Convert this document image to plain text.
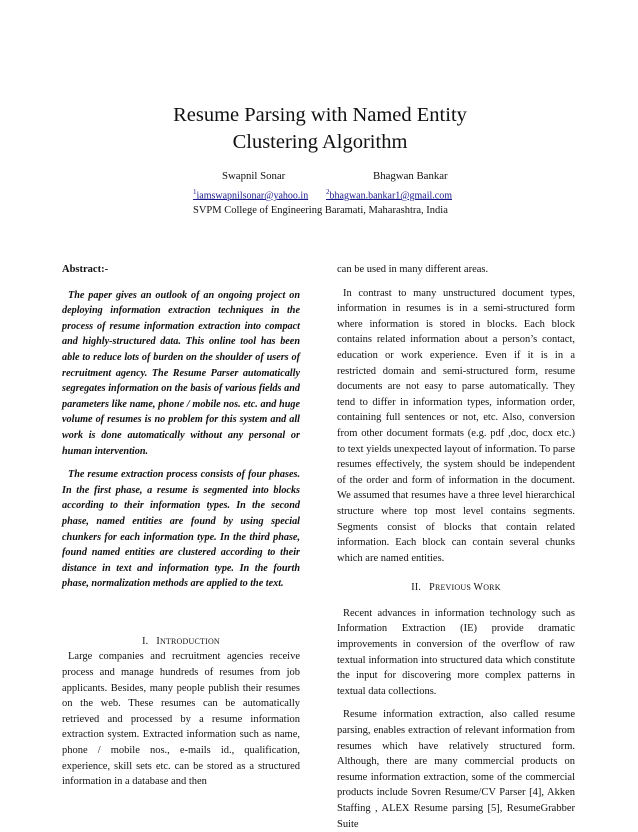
Resume Parsing with Named Entity
Clustering Algorithm
Swapnil Sonar	Bhagwan Bankar
$^1$iamswapnilsonar@yahoo.in	$^2$bhagwan.bankar1@gmail.com
SVPM College of Engineering Baramati, Maharashtra, India

Abstract:-

The paper gives an outlook of an ongoing project on deploying information extraction techniques in the process of resume information extraction into compact and highly-structured data. This online tool has been able to reduce lots of burden on the shoulder of users of recruitment agency. The Resume Parser automatically segregates information on the basis of various fields and parameters like name, phone / mobile nos. etc. and huge volume of resumes is no problem for this system and all work is done automatically without any personal or human intervention.

The resume extraction process consists of four phases. In the first phase, a resume is segmented into blocks according to their information types. In the second phase, named entities are found by using special chunkers for each information type. In the third phase, found named entities are clustered according to their distance in text and information type. In the fourth phase, normalization methods are applied to the text.

I. INTRODUCTION

Large companies and recruitment agencies receive process and manage hundreds of resumes from job applicants. Besides, many people publish their resumes on the web. These resumes can be automatically retrieved and processed by a resume information extraction system. Extracted information such as name, phone / mobile nos., e-mails id., qualification, experience, skill sets etc. can be stored as a structured information in a database and then

can be used in many different areas.

In contrast to many unstructured document types, information in resumes is in a semi-structured form where information is stored in blocks. Each block contains related information about a person’s contact, education or work experience. Even if it is in a restricted domain and semi-structured form, resume documents are not easy to parse automatically. They tend to differ in information types, information order, containing full sentences or not, etc. Also, conversion from other document formats (e.g. pdf ,doc, docx etc.) to text yields unexpected layout of information. To parse resumes effectively, the system should be independent of the order and form of information in the document. We assumed that resumes have a three level hierarchical structure where top most level contains segments. Segments consist of blocks that contain related information. Each block can contain several chunks which are named entities.

II. PREVIOUS WORK

Recent advances in information technology such as Information Extraction (IE) provide dramatic improvements in conversion of the overflow of raw textual information into structured data which constitute the input for discovering more complex patterns in textual data collections.

Resume information extraction, also called resume parsing, enables extraction of relevant information from resumes which have relatively structured form. Although, there are many commercial products on resume information extraction, some of the commercial products include Sovren Resume/CV Parser [4], Akken Staffing , ALEX Resume parsing [5], ResumeGrabber Suite
